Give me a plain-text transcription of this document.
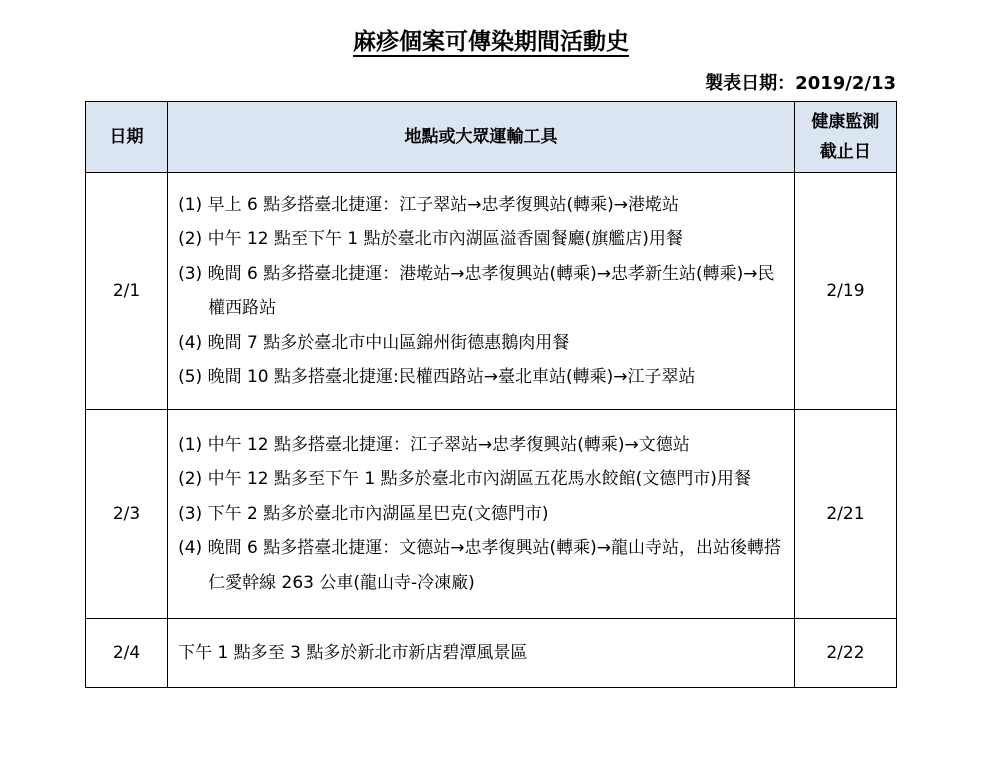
麻疹個案可傳染期間活動史
製表日期：2019/2/13
日期	地點或大眾運輸工具	健康監測
截止日

2/1	(1) 早上 6 點多搭臺北捷運：江子翠站→忠孝復興站(轉乘)→港墘站
(2) 中午 12 點至下午 1 點於臺北市內湖區溢香園餐廳(旗艦店)用餐
(3) 晚間 6 點多搭臺北捷運：港墘站→忠孝復興站(轉乘)→忠孝新生站(轉乘)→民權西路站
(4) 晚間 7 點多於臺北市中山區錦州街德惠鵝肉用餐
(5) 晚間 10 點多搭臺北捷運:民權西路站→臺北車站(轉乘)→江子翠站	2/19
2/3	(1) 中午 12 點多搭臺北捷運：江子翠站→忠孝復興站(轉乘)→文德站
(2) 中午 12 點多至下午 1 點多於臺北市內湖區五花馬水餃館(文德門市)用餐
(3) 下午 2 點多於臺北市內湖區星巴克(文德門市)
(4) 晚間 6 點多搭臺北捷運：文德站→忠孝復興站(轉乘)→龍山寺站，出站後轉搭仁愛幹線 263 公車(龍山寺-冷凍廠)	2/21
2/4	下午 1 點多至 3 點多於新北市新店碧潭風景區	2/22
